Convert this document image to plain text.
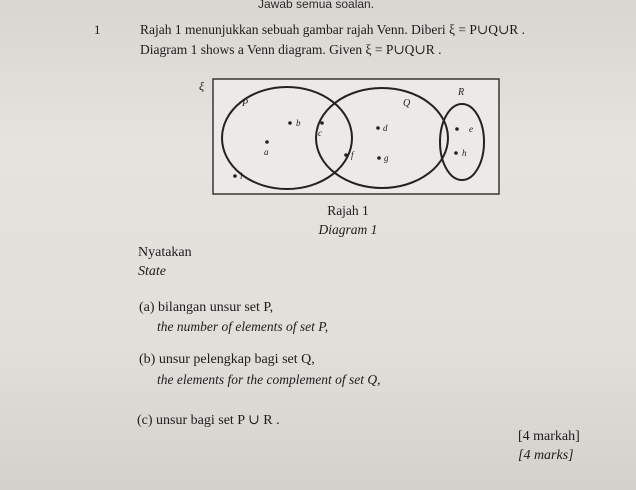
Jawab semua soalan.
1	Rajah 1 menunjukkan sebuah gambar rajah Venn. Diberi ξ = P∪Q∪R .
Diagram 1 shows a Venn diagram. Given ξ = P∪Q∪R .
ξ
P	Q
R
b
c
a
d
f	g
e
h
i
Rajah 1
Diagram 1
Nyatakan
State
(a) bilangan unsur set P,
the number of elements of set P,
(b) unsur pelengkap bagi set Q,
the elements for the complement of set Q,
(c) unsur bagi set P ∪ R .
[4 markah]
[4 marks]
